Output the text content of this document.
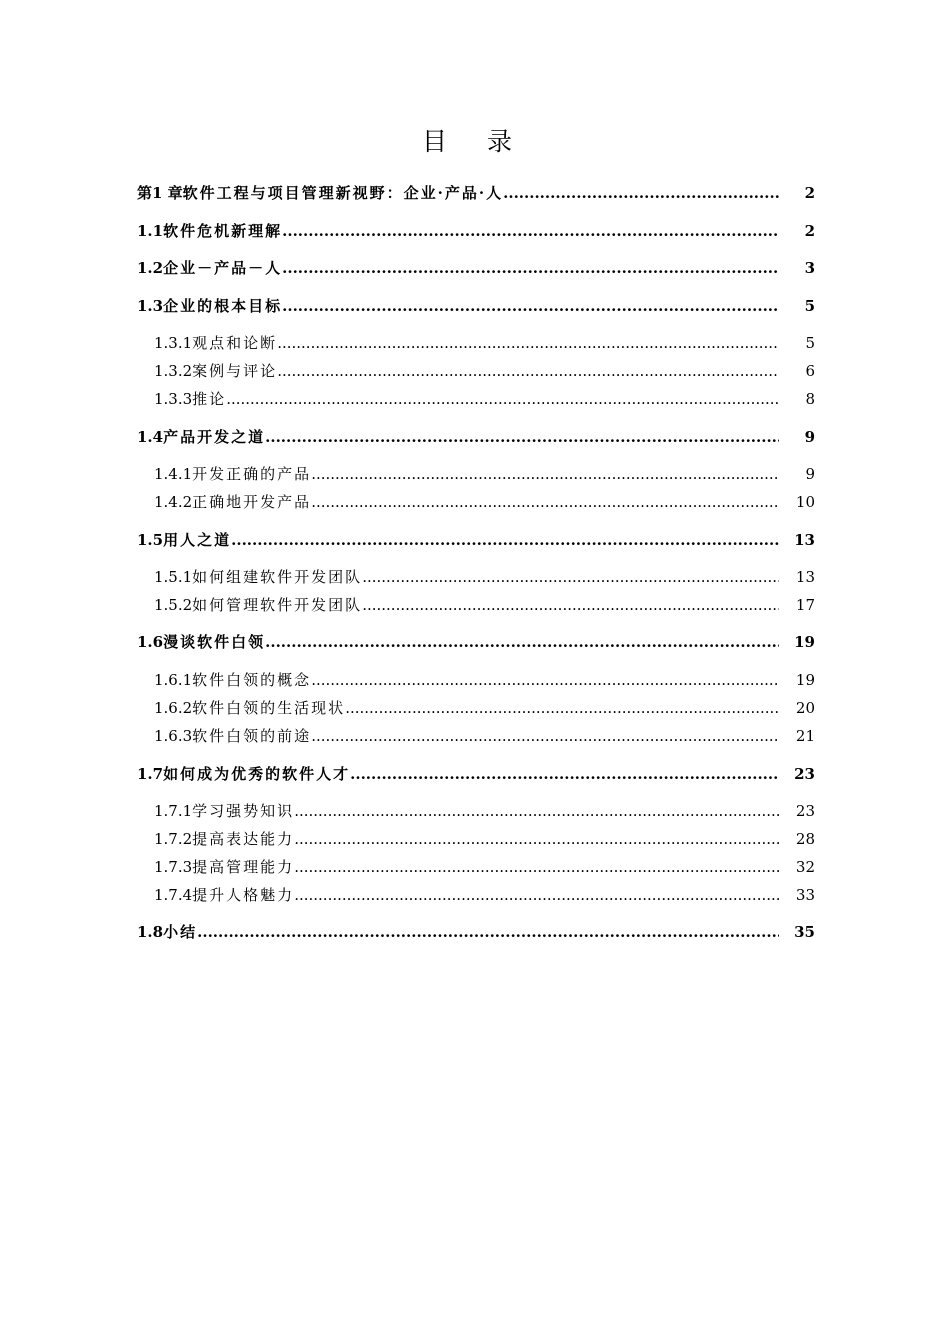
目 录
第1 章 软件工程与项目管理新视野：企业·产品·人 .....	2
1.1 软件危机新理解 .....	2
1.2 企业－产品－人 .....	3
1.3 企业的根本目标 .....	5
1.3.1 观点和论断 .....	5
1.3.2 案例与评论 .....	6
1.3.3 推论 .....	8
1.4 产品开发之道 .....	9
1.4.1 开发正确的产品 .....	9
1.4.2 正确地开发产品 .....	10
1.5 用人之道 .....	13
1.5.1 如何组建软件开发团队 .....	13
1.5.2 如何管理软件开发团队 .....	17
1.6 漫谈软件白领 .....	19
1.6.1 软件白领的概念 .....	19
1.6.2 软件白领的生活现状 .....	20
1.6.3 软件白领的前途 .....	21
1.7 如何成为优秀的软件人才 .....	23
1.7.1 学习强势知识 .....	23
1.7.2 提高表达能力 .....	28
1.7.3 提高管理能力 .....	32
1.7.4 提升人格魅力 .....	33
1.8 小结 .....	35
